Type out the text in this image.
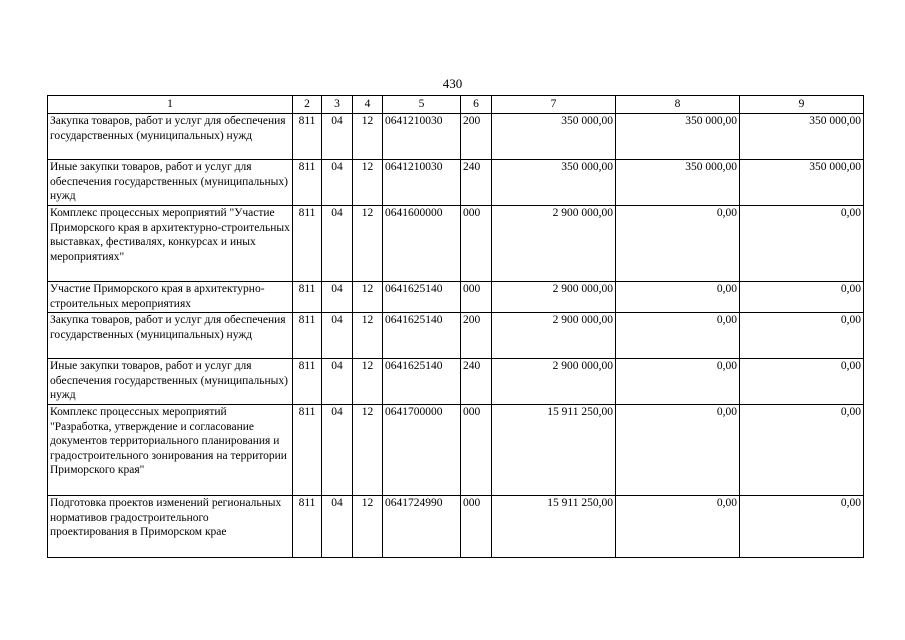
430
1	2	3	4	5	6	7	8	9
Закупка товаров, работ и услуг для обеспечения государственных (муниципальных) нужд	811	04	12	0641210030	200	350 000,00	350 000,00	350 000,00
Иные закупки товаров, работ и услуг для обеспечения государственных (муниципальных) нужд	811	04	12	0641210030	240	350 000,00	350 000,00	350 000,00
Комплекс процессных мероприятий "Участие Приморского края в архитектурно-строительных выставках, фестивалях, конкурсах и иных мероприятиях"	811	04	12	0641600000	000	2 900 000,00	0,00	0,00
Участие Приморского края в архитектурно-строительных мероприятиях	811	04	12	0641625140	000	2 900 000,00	0,00	0,00
Закупка товаров, работ и услуг для обеспечения государственных (муниципальных) нужд	811	04	12	0641625140	200	2 900 000,00	0,00	0,00
Иные закупки товаров, работ и услуг для обеспечения государственных (муниципальных) нужд	811	04	12	0641625140	240	2 900 000,00	0,00	0,00
Комплекс процессных мероприятий "Разработка, утверждение и согласование документов территориального планирования и градостроительного зонирования на территории Приморского края"	811	04	12	0641700000	000	15 911 250,00	0,00	0,00
Подготовка проектов изменений региональных нормативов градостроительного проектирования в Приморском крае	811	04	12	0641724990	000	15 911 250,00	0,00	0,00
